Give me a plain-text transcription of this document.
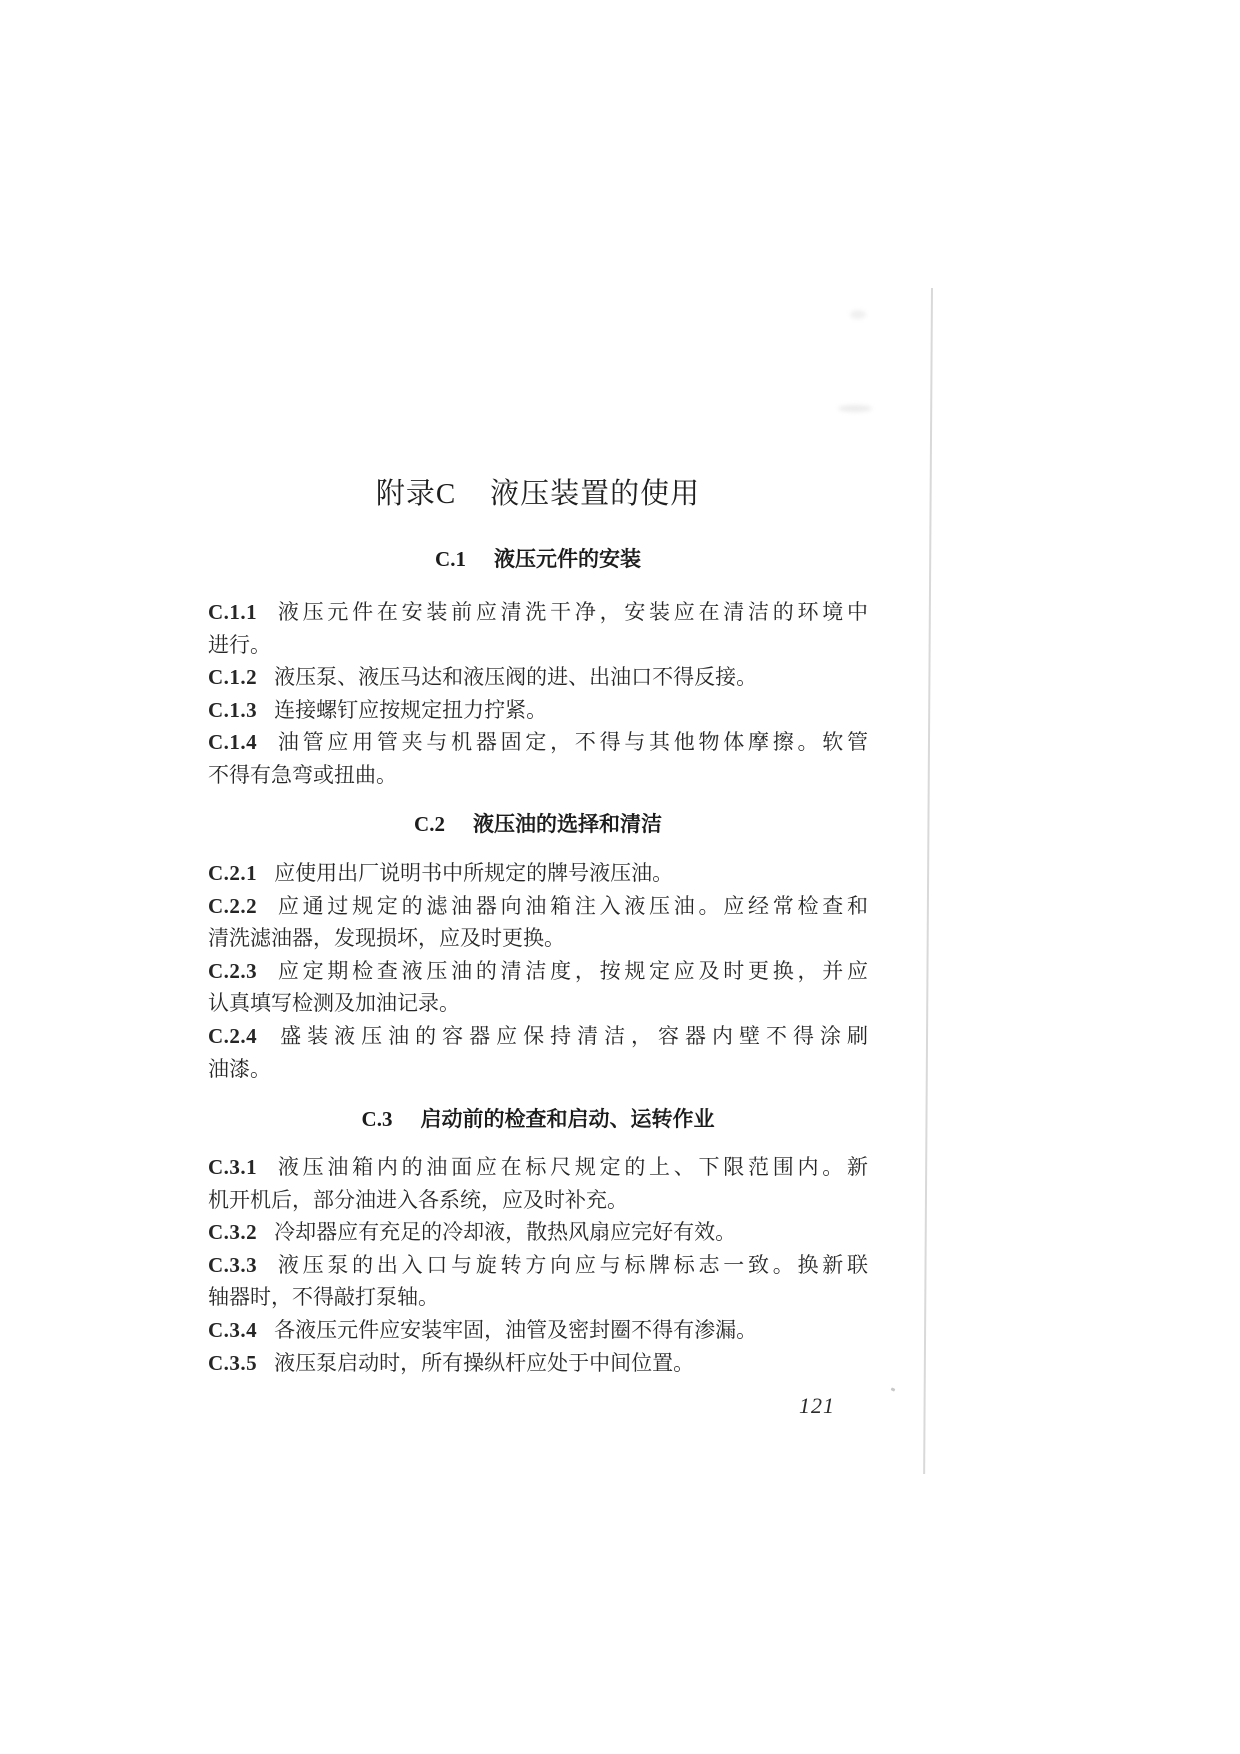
附录C 液压装置的使用
C.1 液压元件的安装

C.1.1 液压元件在安装前应清洗干净，安装应在清洁的环境中
进行。

C.1.2 液压泵、液压马达和液压阀的进、出油口不得反接。

C.1.3 连接螺钉应按规定扭力拧紧。

C.1.4 油管应用管夹与机器固定，不得与其他物体摩擦。软管
不得有急弯或扭曲。

C.2 液压油的选择和清洁

C.2.1 应使用出厂说明书中所规定的牌号液压油。

C.2.2 应通过规定的滤油器向油箱注入液压油。应经常检查和
清洗滤油器，发现损坏，应及时更换。

C.2.3 应定期检查液压油的清洁度，按规定应及时更换，并应
认真填写检测及加油记录。

C.2.4 盛装液压油的容器应保持清洁，容器内壁不得涂刷
油漆。

C.3 启动前的检查和启动、运转作业

C.3.1 液压油箱内的油面应在标尺规定的上、下限范围内。新
机开机后，部分油进入各系统，应及时补充。

C.3.2 冷却器应有充足的冷却液，散热风扇应完好有效。

C.3.3 液压泵的出入口与旋转方向应与标牌标志一致。换新联
轴器时，不得敲打泵轴。

C.3.4 各液压元件应安装牢固，油管及密封圈不得有渗漏。

C.3.5 液压泵启动时，所有操纵杆应处于中间位置。

121
